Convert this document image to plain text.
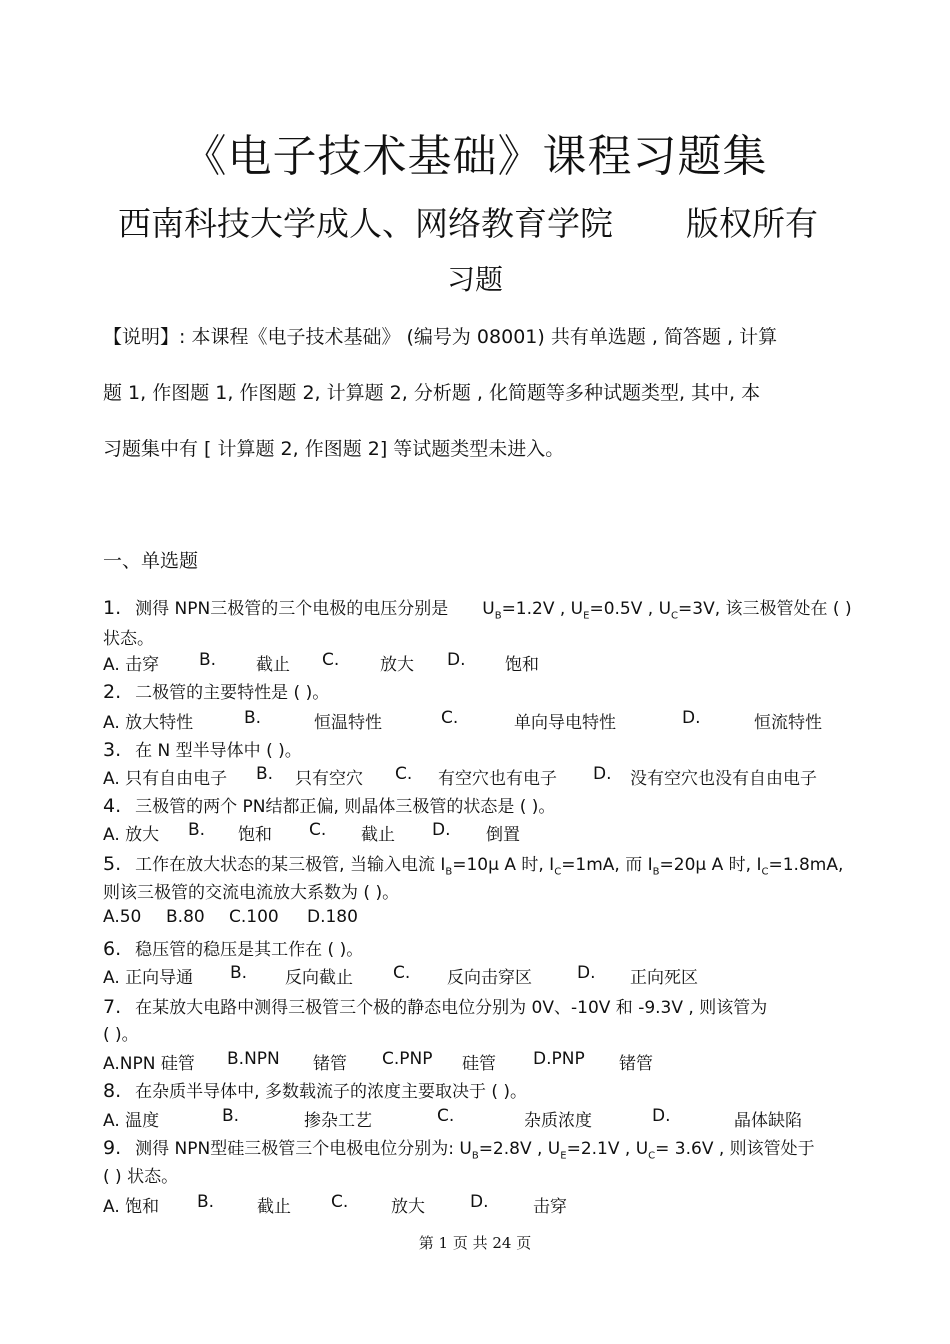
《电子技术基础》课程习题集
西南科技大学成人、网络教育学院 版权所有
习题
【说明】: 本课程《电子技术基础》 (编号为 08001) 共有单选题 , 简答题 , 计算
题 1, 作图题 1, 作图题 2, 计算题 2, 分析题 , 化简题等多种试题类型, 其中, 本
习题集中有 [ 计算题 2, 作图题 2] 等试题类型未进入。
一、单选题
1. 测得 NPN三极管的三个电极的电压分别是 $U_B=1.2V$ , $U_E=0.5V$ , $U_C=3V$, 该三极管处在 ( )
状态。
A. 击穿 B. 截止 C. 放大 D. 饱和
2. 二极管的主要特性是 ( )。
A. 放大特性	B.	恒温特性	C.	单向导电特性	D.	恒流特性
3. 在 N 型半导体中 ( )。
A. 只有自由电子 B. 只有空穴 C. 有空穴也有电子 D. 没有空穴也没有自由电子
4. 三极管的两个 PN结都正偏, 则晶体三极管的状态是 ( )。
A. 放大 B. 饱和 C. 截止 D. 倒置
5. 工作在放大状态的某三极管, 当输入电流 $I_B=10\mu$ A 时, $I_C=1mA$, 而 $I_B=20\mu$ A 时, $I_C=1.8mA$,
则该三极管的交流电流放大系数为 ( )。
A.50 B.80 C.100 D.180
6. 稳压管的稳压是其工作在 ( )。
A. 正向导通 B. 反向截止 C. 反向击穿区	D. 正向死区
7. 在某放大电路中测得三极管三个极的静态电位分别为 0V、-10V 和 -9.3V , 则该管为
( )。
A.NPN 硅管 B.NPN 锗管 C.PNP 硅管 D.PNP 锗管
8. 在杂质半导体中, 多数载流子的浓度主要取决于 ( )。
A. 温度	B.	掺杂工艺	C.	杂质浓度	D.	晶体缺陷
9. 测得 NPN型硅三极管三个电极电位分别为: $U_B=2.8V$ , $U_E=2.1V$ , $U_C= 3.6V$ , 则该管处于
( ) 状态。
A. 饱和 B.	截止 C.	放大	D.	击穿
第 1 页 共 24 页
